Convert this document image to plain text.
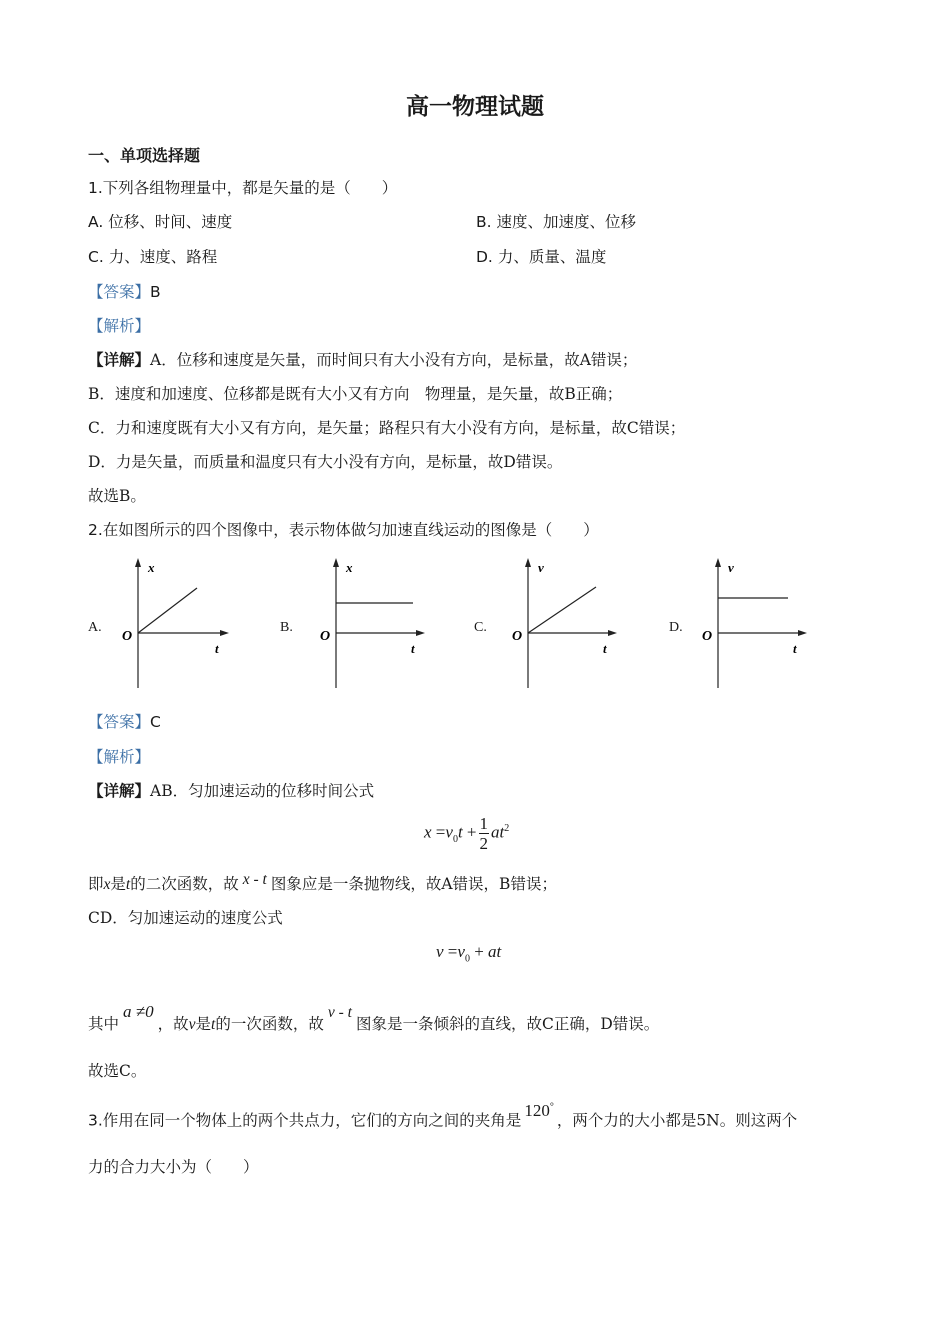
高一物理试题
一、单项选择题
1.下列各组物理量中，都是矢量的是（　　）
A. 位移、时间、速度	B. 速度、加速度、位移
C. 力、速度、路程	D. 力、质量、温度
【答案】B
【解析】
【详解】A．位移和速度是矢量，而时间只有大小没有方向，是标量，故A错误；
B．速度和加速度、位移都是既有大小又有方向　物理量，是矢量，故B正确；
C．力和速度既有大小又有方向，是矢量；路程只有大小没有方向，是标量，故C错误；
D．力是矢量，而质量和温度只有大小没有方向，是标量，故D错误。
故选B。
2.在如图所示的四个图像中，表示物体做匀加速直线运动的图像是（　　）
A.
x
O
t
B.
x
O
t
C.
v
O
t
D.
v
O
t
【答案】C
【解析】
【详解】AB．匀加速运动的位移时间公式
$x =v_0t + \frac{1}{2} at^2$
即x是t的二次函数，故 x - t 图象应是一条抛物线，故A错误，B错误；
CD．匀加速运动的速度公式
$v =v_0$ + at
其中a ≠0，故v是t的一次函数，故v - t图象是一条倾斜的直线，故C正确，D错误。
故选C。
3.作用在同一个物体上的两个共点力，它们的方向之间的夹角是120°，两个力的大小都是5N。则这两个
力的合力大小为（　　）
